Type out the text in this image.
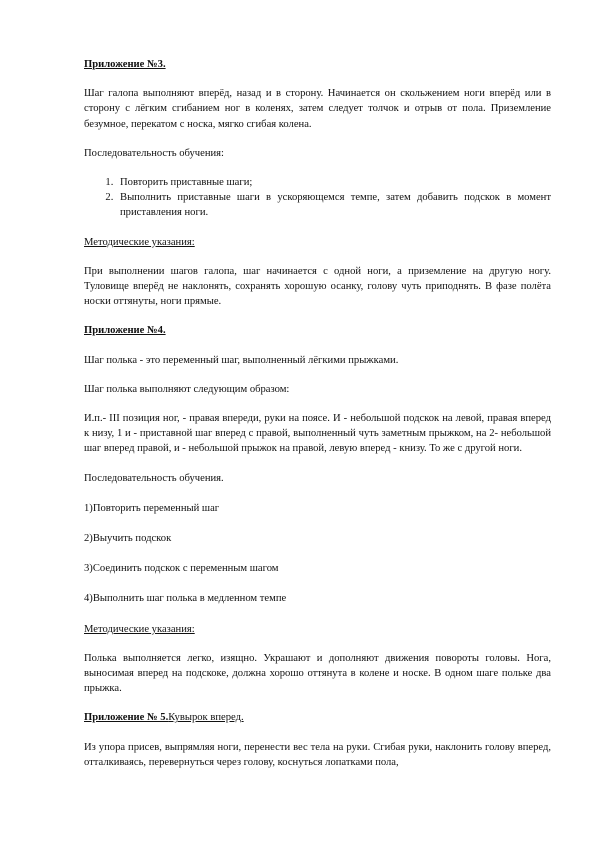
Приложение №3.

Шаг галопа выполняют вперёд, назад и в сторону. Начинается он скольжением ноги вперёд или в сторону с лёгким сгибанием ног в коленях, затем следует толчок и отрыв от пола. Приземление безумное, перекатом с носка, мягко сгибая колена.

Последовательность обучения:

1. Повторить приставные шаги;
2. Выполнить приставные шаги в ускоряющемся темпе, затем добавить подскок в момент приставления ноги.

Методические указания:

При выполнении шагов галопа, шаг начинается с одной ноги, а приземление на другую ногу. Туловище вперёд не наклонять, сохранять хорошую осанку, голову чуть приподнять. В фазе полёта носки оттянуты, ноги прямые.

Приложение №4.

Шаг полька - это переменный шаг, выполненный лёгкими прыжками.

Шаг полька выполняют следующим образом:

И.п.- III позиция ног, - правая впереди, руки на поясе. И - небольшой подскок на левой, правая вперед к низу, 1 и - приставной шаг вперед с правой, выполненный чуть заметным прыжком, на 2- небольшой шаг вперед правой, и - небольшой прыжок на правой, левую вперед - книзу. То же с другой ноги.

Последовательность обучения.

1)Повторить переменный шаг

2)Выучить подскок

3)Соединить подскок с переменным шагом

4)Выполнить шаг полька в медленном темпе

Методические указания:

Полька выполняется легко, изящно. Украшают и дополняют движения повороты головы. Нога, выносимая вперед на подскоке, должна хорошо оттянута в колене и носке. В одном шаге польке два прыжка.

Приложение № 5.Кувырок вперед.

Из упора присев, выпрямляя ноги, перенести вес тела на руки. Сгибая руки, наклонить голову вперед, отталкиваясь, перевернуться через голову, коснуться лопатками пола,
